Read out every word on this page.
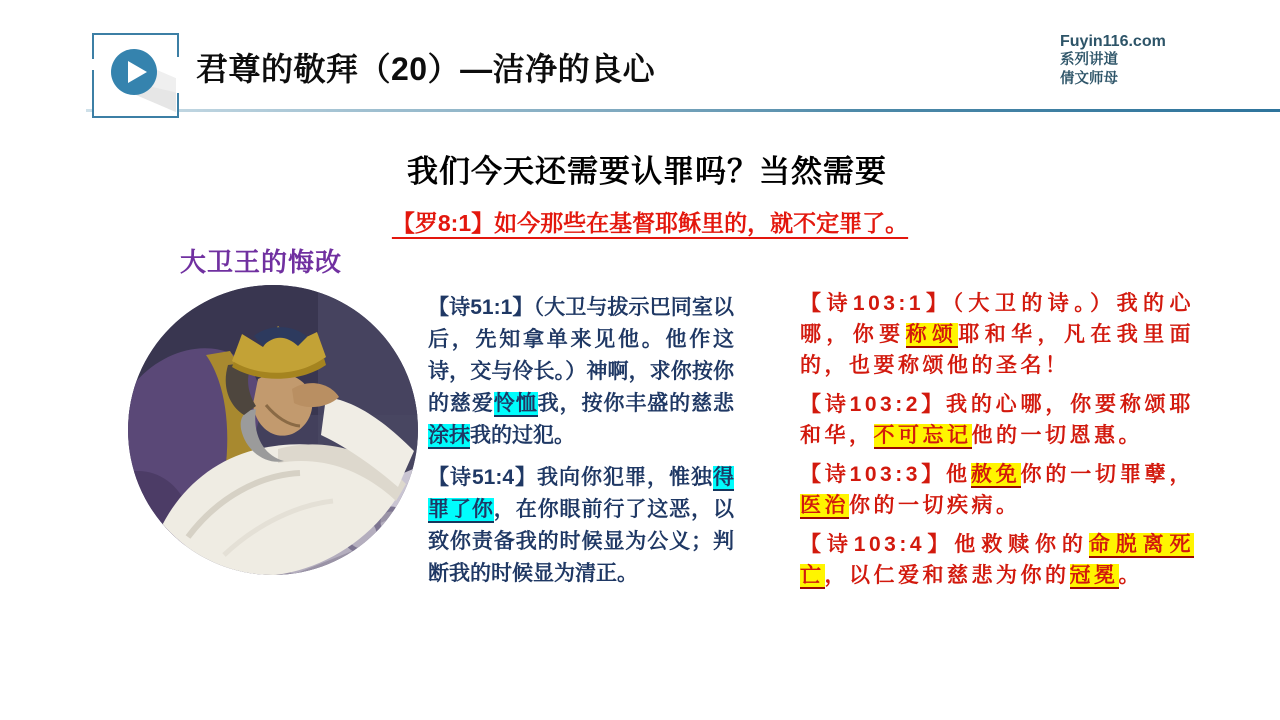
君尊的敬拜（20）—洁净的良心
Fuyin116.com
系列讲道
倩文师母
我们今天还需要认罪吗？当然需要
【罗8:1】如今那些在基督耶稣里的，就不定罪了。
大卫王的悔改

【诗51:1】（大卫与拔示巴同室以后，先知拿单来见他。他作这诗，交与伶长。）神啊，求你按你的慈爱怜恤我，按你丰盛的慈悲涂抹我的过犯。

【诗51:4】我向你犯罪，惟独得罪了你，在你眼前行了这恶，以致你责备我的时候显为公义；判断我的时候显为清正。

【诗103:1】（大卫的诗。）我的心哪，你要称颂耶和华，凡在我里面的，也要称颂他的圣名！

【诗103:2】我的心哪，你要称颂耶和华，不可忘记他的一切恩惠。

【诗103:3】他赦免你的一切罪孽，医治你的一切疾病。

【诗103:4】他救赎你的命脱离死亡，以仁爱和慈悲为你的冠冕。
